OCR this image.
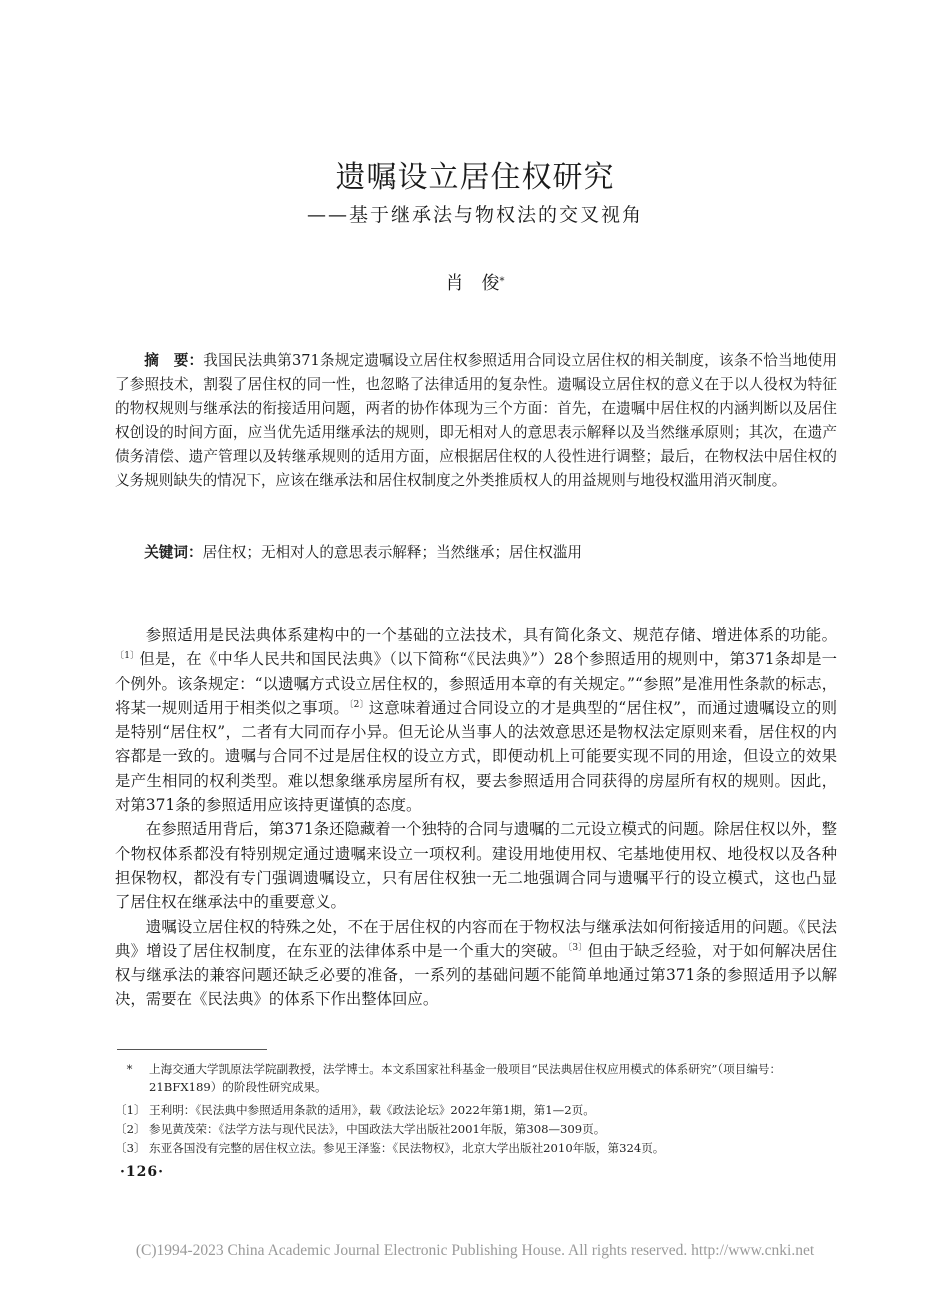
遗嘱设立居住权研究
——基于继承法与物权法的交叉视角
肖　俊*

摘　要：我国民法典第371条规定遗嘱设立居住权参照适用合同设立居住权的相关制度，该条不恰当地使用了参照技术，割裂了居住权的同一性，也忽略了法律适用的复杂性。遗嘱设立居住权的意义在于以人役权为特征的物权规则与继承法的衔接适用问题，两者的协作体现为三个方面：首先，在遗嘱中居住权的内涵判断以及居住权创设的时间方面，应当优先适用继承法的规则，即无相对人的意思表示解释以及当然继承原则；其次，在遗产债务清偿、遗产管理以及转继承规则的适用方面，应根据居住权的人役性进行调整；最后，在物权法中居住权的义务规则缺失的情况下，应该在继承法和居住权制度之外类推质权人的用益规则与地役权滥用消灭制度。

关键词：居住权；无相对人的意思表示解释；当然继承；居住权滥用

参照适用是民法典体系建构中的一个基础的立法技术，具有简化条文、规范存储、增进体系的功能。$^{〔1〕}$但是，在《中华人民共和国民法典》（以下简称“《民法典》”）28个参照适用的规则中，第371条却是一个例外。该条规定：“以遗嘱方式设立居住权的，参照适用本章的有关规定。”“参照”是准用性条款的标志，将某一规则适用于相类似之事项。$^{〔2〕}$这意味着通过合同设立的才是典型的“居住权”，而通过遗嘱设立的则是特别“居住权”，二者有大同而存小异。但无论从当事人的法效意思还是物权法定原则来看，居住权的内容都是一致的。遗嘱与合同不过是居住权的设立方式，即便动机上可能要实现不同的用途，但设立的效果是产生相同的权利类型。难以想象继承房屋所有权，要去参照适用合同获得的房屋所有权的规则。因此，对第371条的参照适用应该持更谨慎的态度。

在参照适用背后，第371条还隐藏着一个独特的合同与遗嘱的二元设立模式的问题。除居住权以外，整个物权体系都没有特别规定通过遗嘱来设立一项权利。建设用地使用权、宅基地使用权、地役权以及各种担保物权，都没有专门强调遗嘱设立，只有居住权独一无二地强调合同与遗嘱平行的设立模式，这也凸显了居住权在继承法中的重要意义。

遗嘱设立居住权的特殊之处，不在于居住权的内容而在于物权法与继承法如何衔接适用的问题。《民法典》增设了居住权制度，在东亚的法律体系中是一个重大的突破。$^{〔3〕}$但由于缺乏经验，对于如何解决居住权与继承法的兼容问题还缺乏必要的准备，一系列的基础问题不能简单地通过第371条的参照适用予以解决，需要在《民法典》的体系下作出整体回应。

　*	上海交通大学凯原法学院副教授，法学博士。本文系国家社科基金一般项目“民法典居住权应用模式的体系研究”（项目编号：21BFX189）的阶段性研究成果。
〔1〕 王利明：《民法典中参照适用条款的适用》，载《政法论坛》2022年第1期，第1—2页。
〔2〕 参见黄茂荣：《法学方法与现代民法》，中国政法大学出版社2001年版，第308—309页。
〔3〕 东亚各国没有完整的居住权立法。参见王泽鉴：《民法物权》，北京大学出版社2010年版，第324页。
·126·
(C)1994-2023 China Academic Journal Electronic Publishing House. All rights reserved. http://www.cnki.net
